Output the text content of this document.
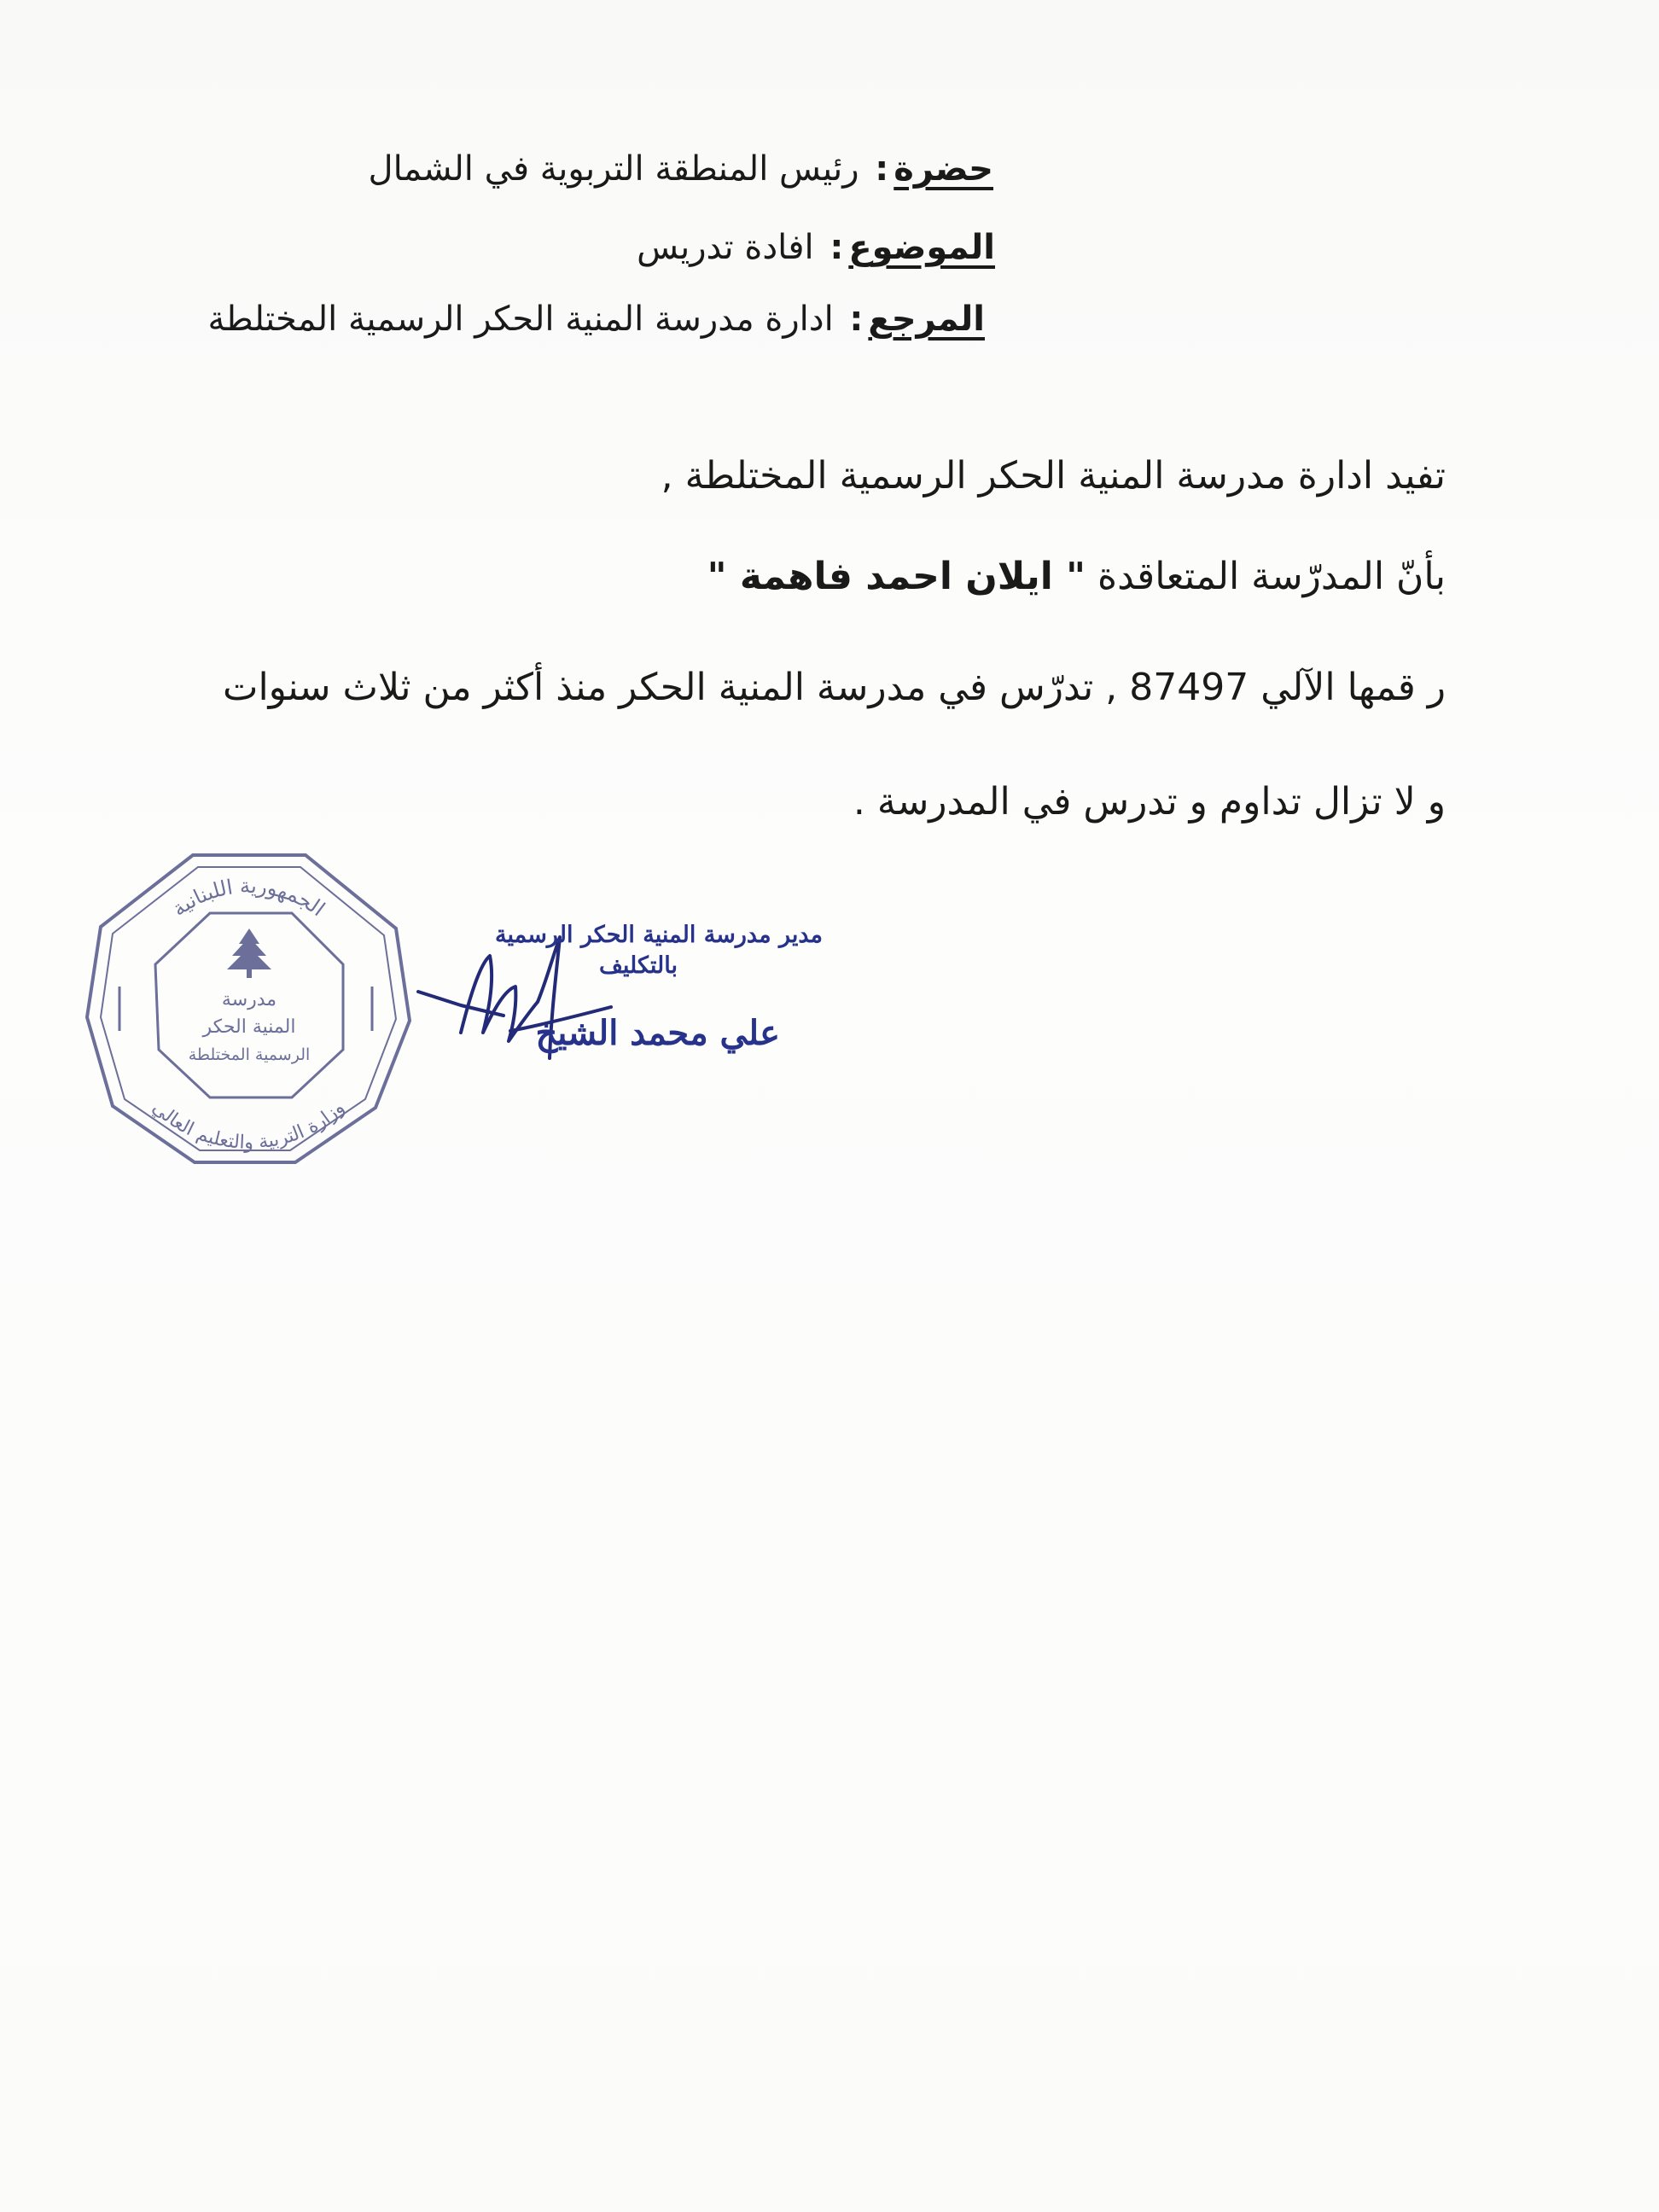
حضرة: رئيس المنطقة التربوية في الشمال
الموضوع: افادة تدريس
المرجع: ادارة مدرسة المنية الحكر الرسمية المختلطة
تفيد ادارة مدرسة المنية الحكر الرسمية المختلطة ,
بأنّ المدرّسة المتعاقدة " ايلان احمد فاهمة "
ر قمها الآلي 87497 , تدرّس في مدرسة المنية الحكر منذ أكثر من ثلاث سنوات
و لا تزال تداوم و تدرس في المدرسة .
الجمهورية اللبنانية
وزارة التربية والتعليم العالي
مدرسة
المنية الحكر
الرسمية المختلطة
مدير مدرسة المنية الحكر الرسمية
بالتكليف
علي محمد الشيخ
